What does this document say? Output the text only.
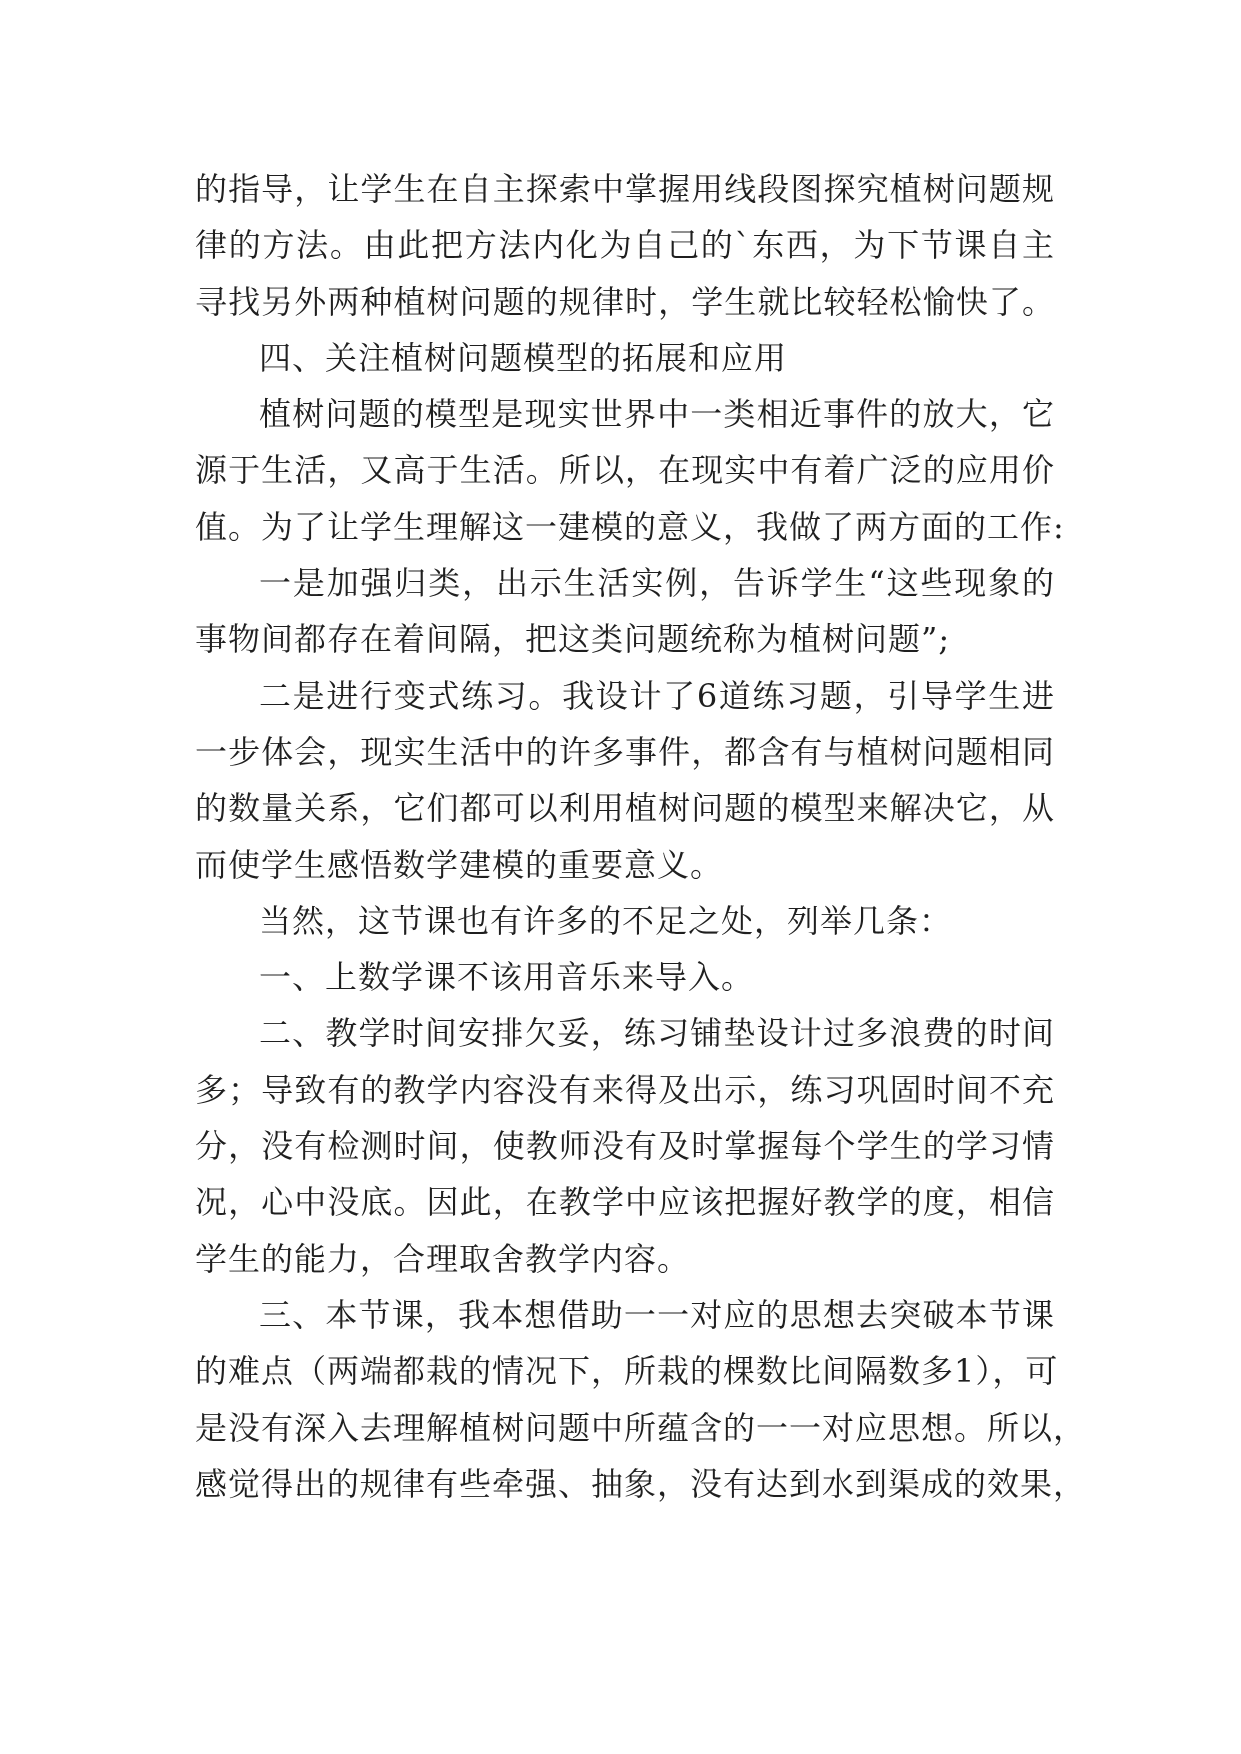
的指导，让学生在自主探索中掌握用线段图探究植树问题规
律的方法。由此把方法内化为自己的`东西，为下节课自主
寻找另外两种植树问题的规律时，学生就比较轻松愉快了。
四、关注植树问题模型的拓展和应用
植树问题的模型是现实世界中一类相近事件的放大，它
源于生活，又高于生活。所以，在现实中有着广泛的应用价
值。为了让学生理解这一建模的意义，我做了两方面的工作:
一是加强归类，出示生活实例，告诉学生“这些现象的
事物间都存在着间隔，把这类问题统称为植树问题”;
二是进行变式练习。我设计了6道练习题，引导学生进
一步体会，现实生活中的许多事件，都含有与植树问题相同
的数量关系，它们都可以利用植树问题的模型来解决它，从
而使学生感悟数学建模的重要意义。
当然，这节课也有许多的不足之处，列举几条：
一、上数学课不该用音乐来导入。
二、教学时间安排欠妥，练习铺垫设计过多浪费的时间
多；导致有的教学内容没有来得及出示，练习巩固时间不充
分，没有检测时间，使教师没有及时掌握每个学生的学习情
况，心中没底。因此，在教学中应该把握好教学的度，相信
学生的能力，合理取舍教学内容。
三、本节课，我本想借助一一对应的思想去突破本节课
的难点（两端都栽的情况下，所栽的棵数比间隔数多1），可
是没有深入去理解植树问题中所蕴含的一一对应思想。所以，
感觉得出的规律有些牵强、抽象，没有达到水到渠成的效果，
